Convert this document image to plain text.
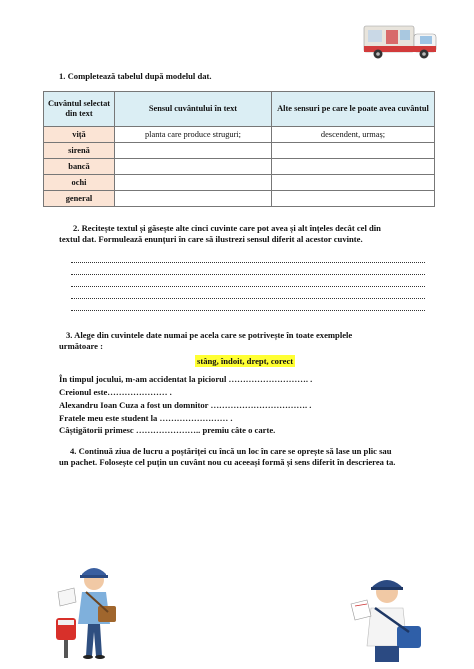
1. Completează tabelul după modelul dat.
Cuvântul selectat din text	Sensul cuvântului în text	Alte sensuri pe care le poate avea cuvântul
viță	planta care produce struguri;	descendent, urmaș;
sirenă		
bancă		
ochi		
general		
2. Recitește textul și găsește alte cinci cuvinte care pot avea și alt înțeles decât cel din
textul dat. Formulează enunțuri în care să ilustrezi sensul diferit al acestor cuvinte.
3. Alege din cuvintele date numai pe acela care se potrivește în toate exemplele
următoare :
stâng, îndoit, drept, corect
În timpul jocului, m-am accidentat la piciorul ………………………. .
Creionul este………………… .
Alexandru Ioan Cuza a fost un domnitor ……………………………. .
Fratele meu este student la …………………… .
Câștigătorii primesc ………………….. premiu câte o carte.
4. Continuă ziua de lucru a poștăriței cu încă un loc în care se oprește să lase un plic sau
un pachet. Folosește cel puțin un cuvânt nou cu aceeași formă și sens diferit în descrierea ta.
